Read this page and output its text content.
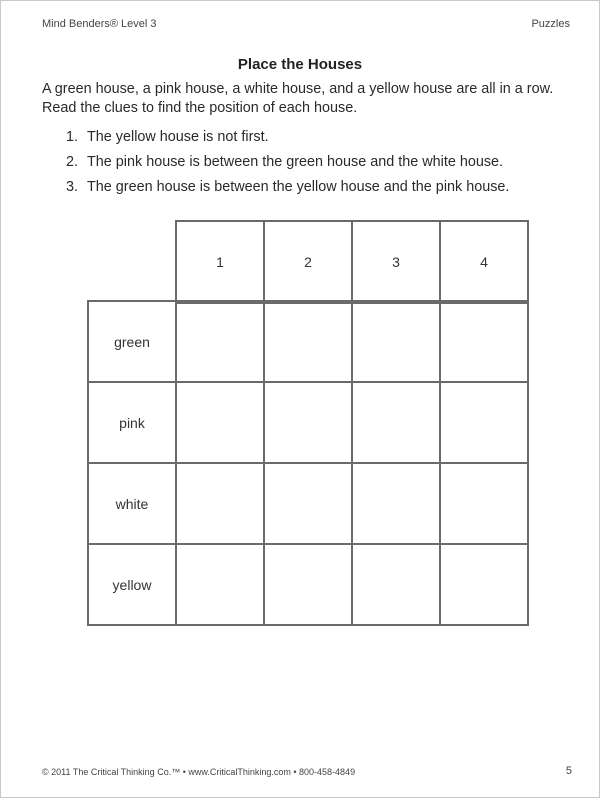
Mind Benders® Level 3	Puzzles
Place the Houses
A green house, a pink house, a white house, and a yellow house are all in a row.
Read the clues to find the position of each house.
1. The yellow house is not first.
2. The pink house is between the green house and the white house.
3. The green house is between the yellow house and the pink house.
1	2	3	4
green				
pink				
white				
yellow				
© 2011 The Critical Thinking Co.™ • www.CriticalThinking.com • 800-458-4849	5
